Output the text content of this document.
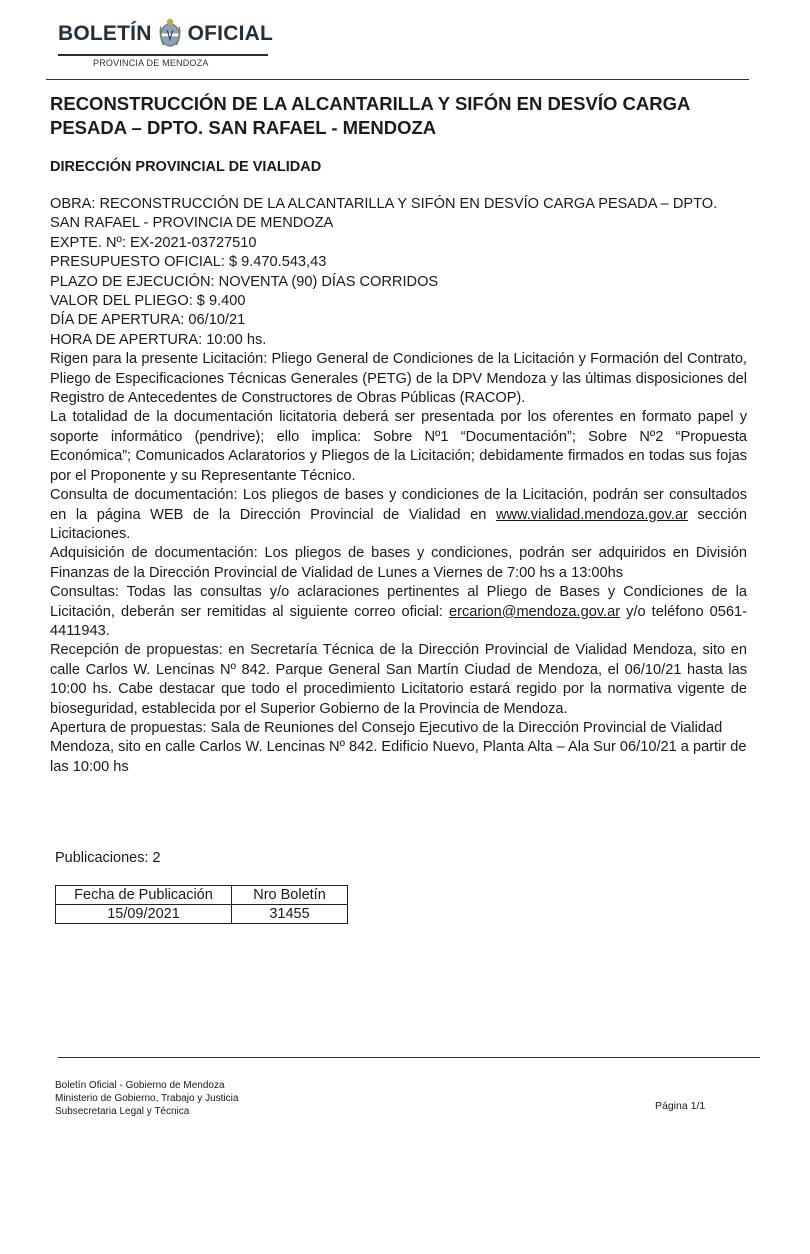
BOLETÍN OFICIAL
PROVINCIA DE MENDOZA
RECONSTRUCCIÓN DE LA ALCANTARILLA Y SIFÓN EN DESVÍO CARGA PESADA – DPTO. SAN RAFAEL - MENDOZA
DIRECCIÓN PROVINCIAL DE VIALIDAD

OBRA: RECONSTRUCCIÓN DE LA ALCANTARILLA Y SIFÓN EN DESVÍO CARGA PESADA – DPTO. SAN RAFAEL - PROVINCIA DE MENDOZA

EXPTE. Nº: EX-2021-03727510

PRESUPUESTO OFICIAL: $ 9.470.543,43

PLAZO DE EJECUCIÓN: NOVENTA (90) DÍAS CORRIDOS

VALOR DEL PLIEGO: $ 9.400

DÍA DE APERTURA: 06/10/21

HORA DE APERTURA: 10:00 hs.

Rigen para la presente Licitación: Pliego General de Condiciones de la Licitación y Formación del Contrato, Pliego de Especificaciones Técnicas Generales (PETG) de la DPV Mendoza y las últimas disposiciones del Registro de Antecedentes de Constructores de Obras Públicas (RACOP).

La totalidad de la documentación licitatoria deberá ser presentada por los oferentes en formato papel y soporte informático (pendrive); ello implica: Sobre Nº1 “Documentación”; Sobre Nº2 “Propuesta Económica”; Comunicados Aclaratorios y Pliegos de la Licitación; debidamente firmados en todas sus fojas por el Proponente y su Representante Técnico.

Consulta de documentación: Los pliegos de bases y condiciones de la Licitación, podrán ser consultados en la página WEB de la Dirección Provincial de Vialidad en www.vialidad.mendoza.gov.ar sección Licitaciones.

Adquisición de documentación: Los pliegos de bases y condiciones, podrán ser adquiridos en División Finanzas de la Dirección Provincial de Vialidad de Lunes a Viernes de 7:00 hs a 13:00hs

Consultas: Todas las consultas y/o aclaraciones pertinentes al Pliego de Bases y Condiciones de la Licitación, deberán ser remitidas al siguiente correo oficial: ercarion@mendoza.gov.ar y/o teléfono 0561-4411943.

Recepción de propuestas: en Secretaría Técnica de la Dirección Provincial de Vialidad Mendoza, sito en calle Carlos W. Lencinas Nº 842. Parque General San Martín Ciudad de Mendoza, el 06/10/21 hasta las 10:00 hs. Cabe destacar que todo el procedimiento Licitatorio estará regido por la normativa vigente de bioseguridad, establecida por el Superior Gobierno de la Provincia de Mendoza.

Apertura de propuestas: Sala de Reuniones del Consejo Ejecutivo de la Dirección Provincial de Vialidad Mendoza, sito en calle Carlos W. Lencinas Nº 842. Edificio Nuevo, Planta Alta – Ala Sur 06/10/21 a partir de las 10:00 hs

Publicaciones: 2
Fecha de Publicación	Nro Boletín
15/09/2021	31455
Boletín Oficial - Gobierno de Mendoza
Ministerio de Gobierno, Trabajo y Justicia
Subsecretaria Legal y Técnica	Página 1/1
